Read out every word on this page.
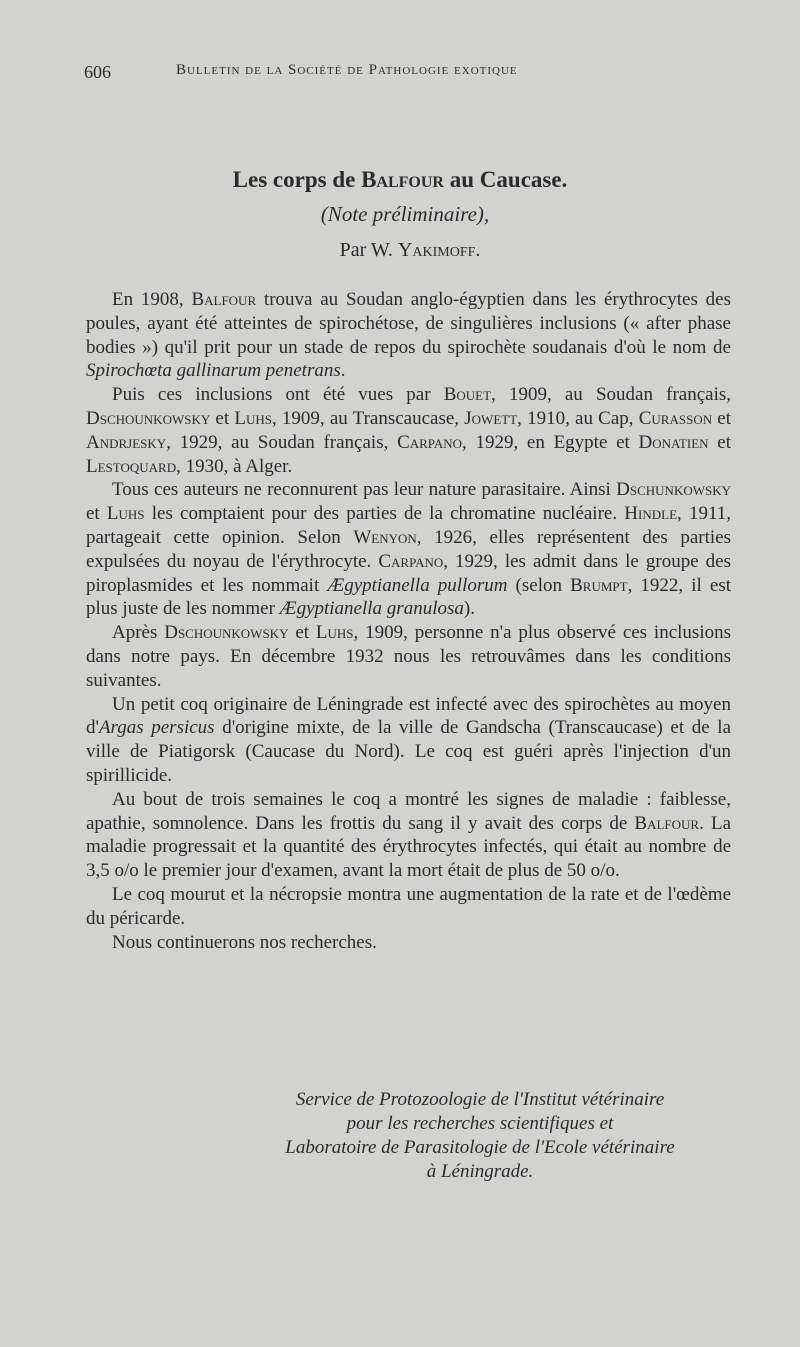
606	Bulletin de la Société de Pathologie exotique
Les corps de Balfour au Caucase.
(Note préliminaire),
Par W. Yakimoff.

En 1908, Balfour trouva au Soudan anglo-égyptien dans les érythrocytes des poules, ayant été atteintes de spirochétose, de singulières inclusions (« after phase bodies ») qu'il prit pour un stade de repos du spirochète soudanais d'où le nom de Spirochœta gallinarum penetrans.

Puis ces inclusions ont été vues par Bouet, 1909, au Soudan français, Dschounkowsky et Luhs, 1909, au Transcaucase, Jowett, 1910, au Cap, Curasson et Andrjesky, 1929, au Soudan français, Carpano, 1929, en Egypte et Donatien et Lestoquard, 1930, à Alger.

Tous ces auteurs ne reconnurent pas leur nature parasitaire. Ainsi Dschunkowsky et Luhs les comptaient pour des parties de la chromatine nucléaire. Hindle, 1911, partageait cette opinion. Selon Wenyon, 1926, elles représentent des parties expulsées du noyau de l'érythrocyte. Carpano, 1929, les admit dans le groupe des piroplasmides et les nommait Ægyptianella pullorum (selon Brumpt, 1922, il est plus juste de les nommer Ægyptianella granulosa).

Après Dschounkowsky et Luhs, 1909, personne n'a plus observé ces inclusions dans notre pays. En décembre 1932 nous les retrouvâmes dans les conditions suivantes.

Un petit coq originaire de Léningrade est infecté avec des spirochètes au moyen d'Argas persicus d'origine mixte, de la ville de Gandscha (Transcaucase) et de la ville de Piatigorsk (Caucase du Nord). Le coq est guéri après l'injection d'un spirillicide.

Au bout de trois semaines le coq a montré les signes de maladie : faiblesse, apathie, somnolence. Dans les frottis du sang il y avait des corps de Balfour. La maladie progressait et la quantité des érythrocytes infectés, qui était au nombre de 3,5 o/o le premier jour d'examen, avant la mort était de plus de 50 o/o.

Le coq mourut et la nécropsie montra une augmentation de la rate et de l'œdème du péricarde.

Nous continuerons nos recherches.

Service de Protozoologie de l'Institut vétérinaire
pour les recherches scientifiques et
Laboratoire de Parasitologie de l'Ecole vétérinaire
à Léningrade.
